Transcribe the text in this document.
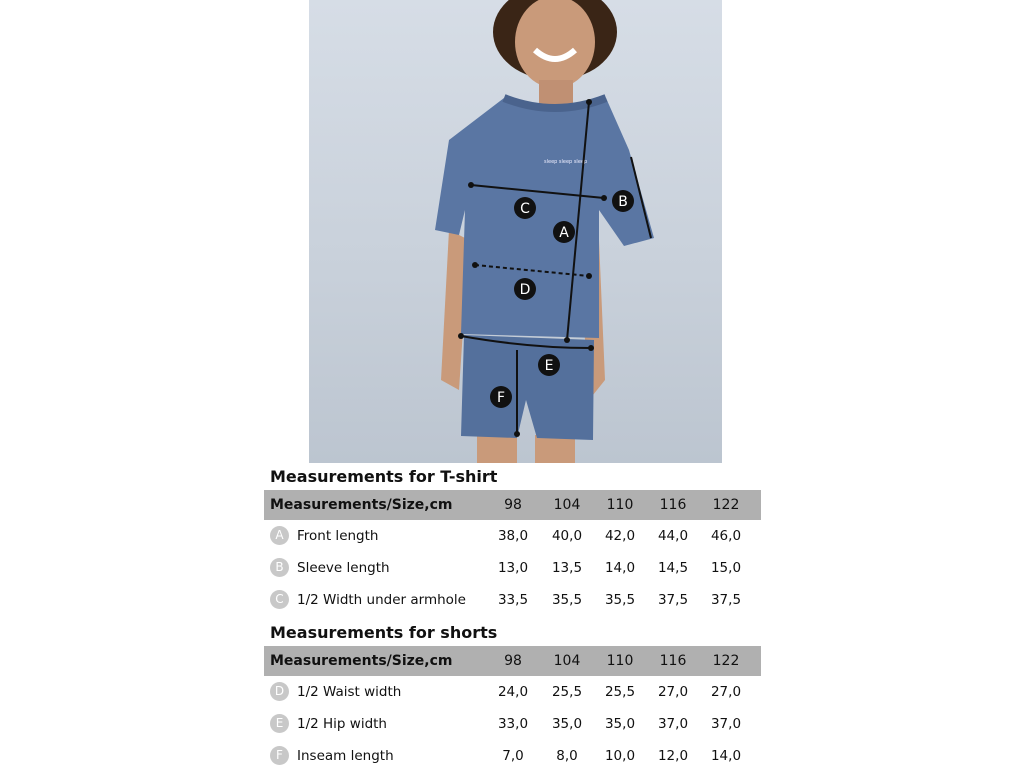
sleep sleep sleep
C	B
A
D
E
F
Measurements for T-shirt
Measurements/Size,cm	98	104	110	116	122
A Front length	38,0	40,0	42,0	44,0	46,0
B Sleeve length	13,0	13,5	14,0	14,5	15,0
C 1/2 Width under armhole	33,5	35,5	35,5	37,5	37,5
Measurements for shorts
Measurements/Size,cm	98	104	110	116	122
D 1/2 Waist width	24,0	25,5	25,5	27,0	27,0
E	1/2 Hip width	33,0	35,0	35,0	37,0	37,0
F	Inseam length	7,0	8,0	10,0	12,0	14,0
